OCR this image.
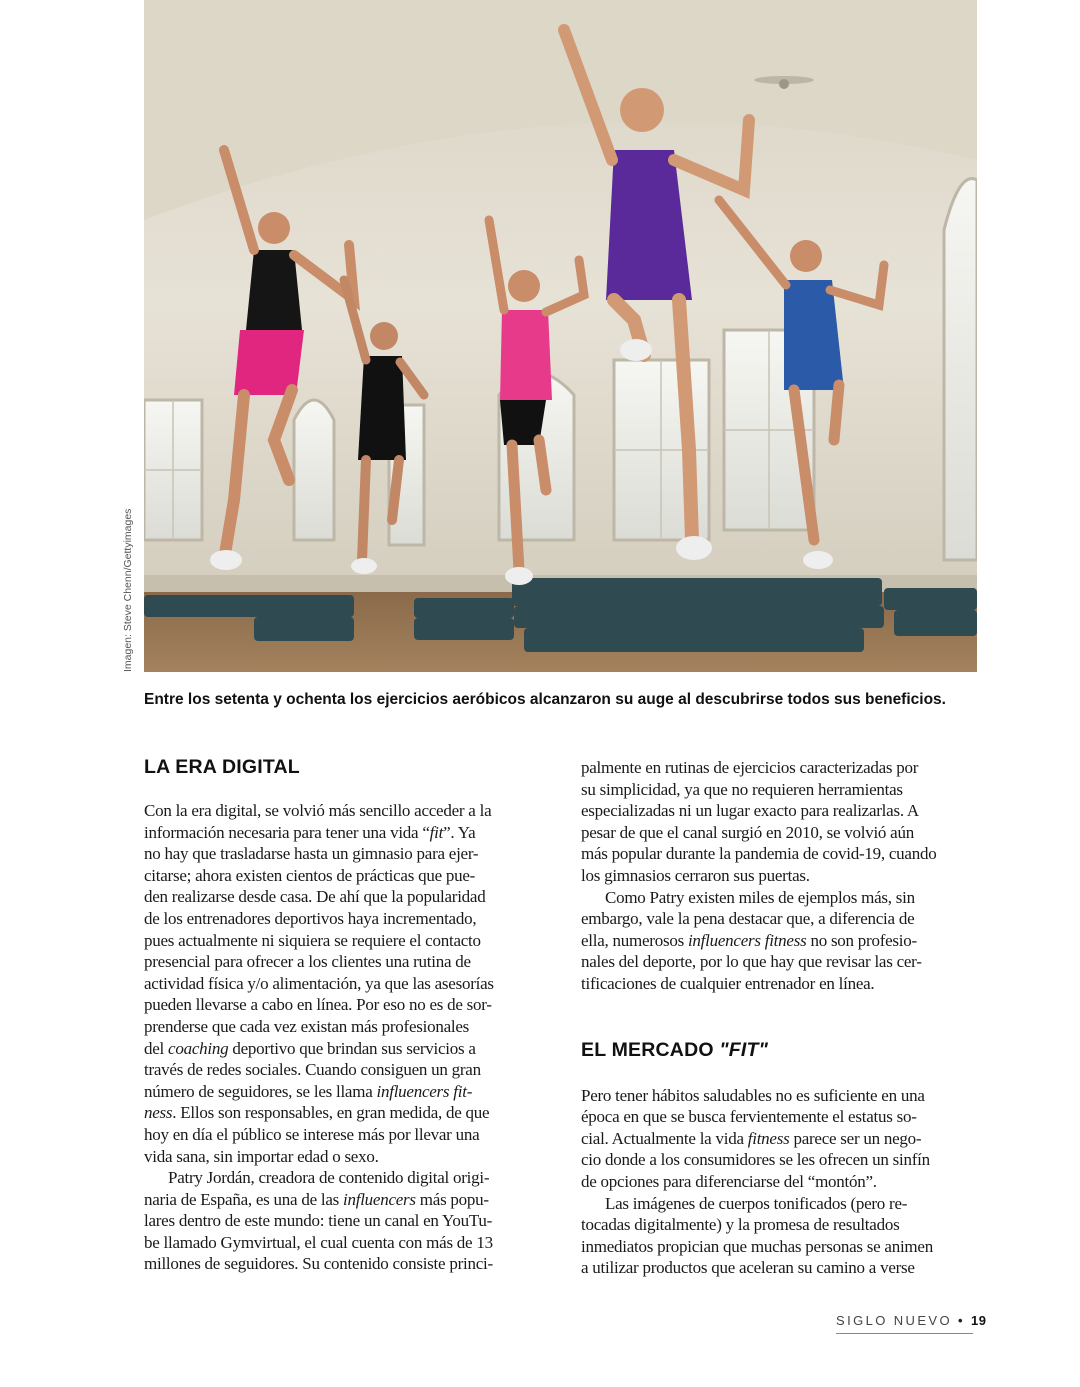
Imagen: Steve Chenn/Gettyimages
Entre los setenta y ochenta los ejercicios aeróbicos alcanzaron su auge al descubrirse todos sus beneficios.
LA ERA DIGITAL
Con la era digital, se volvió más sencillo acceder a la
información necesaria para tener una vida “fit”. Ya
no hay que trasladarse hasta un gimnasio para ejer-
citarse; ahora existen cientos de prácticas que pue-
den realizarse desde casa. De ahí que la popularidad
de los entrenadores deportivos haya incrementado,
pues actualmente ni siquiera se requiere el contacto
presencial para ofrecer a los clientes una rutina de
actividad física y/o alimentación, ya que las asesorías
pueden llevarse a cabo en línea. Por eso no es de sor-
prenderse que cada vez existan más profesionales
del coaching deportivo que brindan sus servicios a
través de redes sociales. Cuando consiguen un gran
número de seguidores, se les llama influencers fit-
ness. Ellos son responsables, en gran medida, de que
hoy en día el público se interese más por llevar una
vida sana, sin importar edad o sexo.
Patry Jordán, creadora de contenido digital origi-
naria de España, es una de las influencers más popu-
lares dentro de este mundo: tiene un canal en YouTu-
be llamado Gymvirtual, el cual cuenta con más de 13
millones de seguidores. Su contenido consiste princi-
palmente en rutinas de ejercicios caracterizadas por
su simplicidad, ya que no requieren herramientas
especializadas ni un lugar exacto para realizarlas. A
pesar de que el canal surgió en 2010, se volvió aún
más popular durante la pandemia de covid-19, cuando
los gimnasios cerraron sus puertas.
Como Patry existen miles de ejemplos más, sin
embargo, vale la pena destacar que, a diferencia de
ella, numerosos influencers fitness no son profesio-
nales del deporte, por lo que hay que revisar las cer-
tificaciones de cualquier entrenador en línea.
EL MERCADO "FIT"
Pero tener hábitos saludables no es suficiente en una
época en que se busca fervientemente el estatus so-
cial. Actualmente la vida fitness parece ser un nego-
cio donde a los consumidores se les ofrecen un sinfín
de opciones para diferenciarse del “montón”.
Las imágenes de cuerpos tonificados (pero re-
tocadas digitalmente) y la promesa de resultados
inmediatos propician que muchas personas se animen
a utilizar productos que aceleran su camino a verse
SIGLO NUEVO • 19
